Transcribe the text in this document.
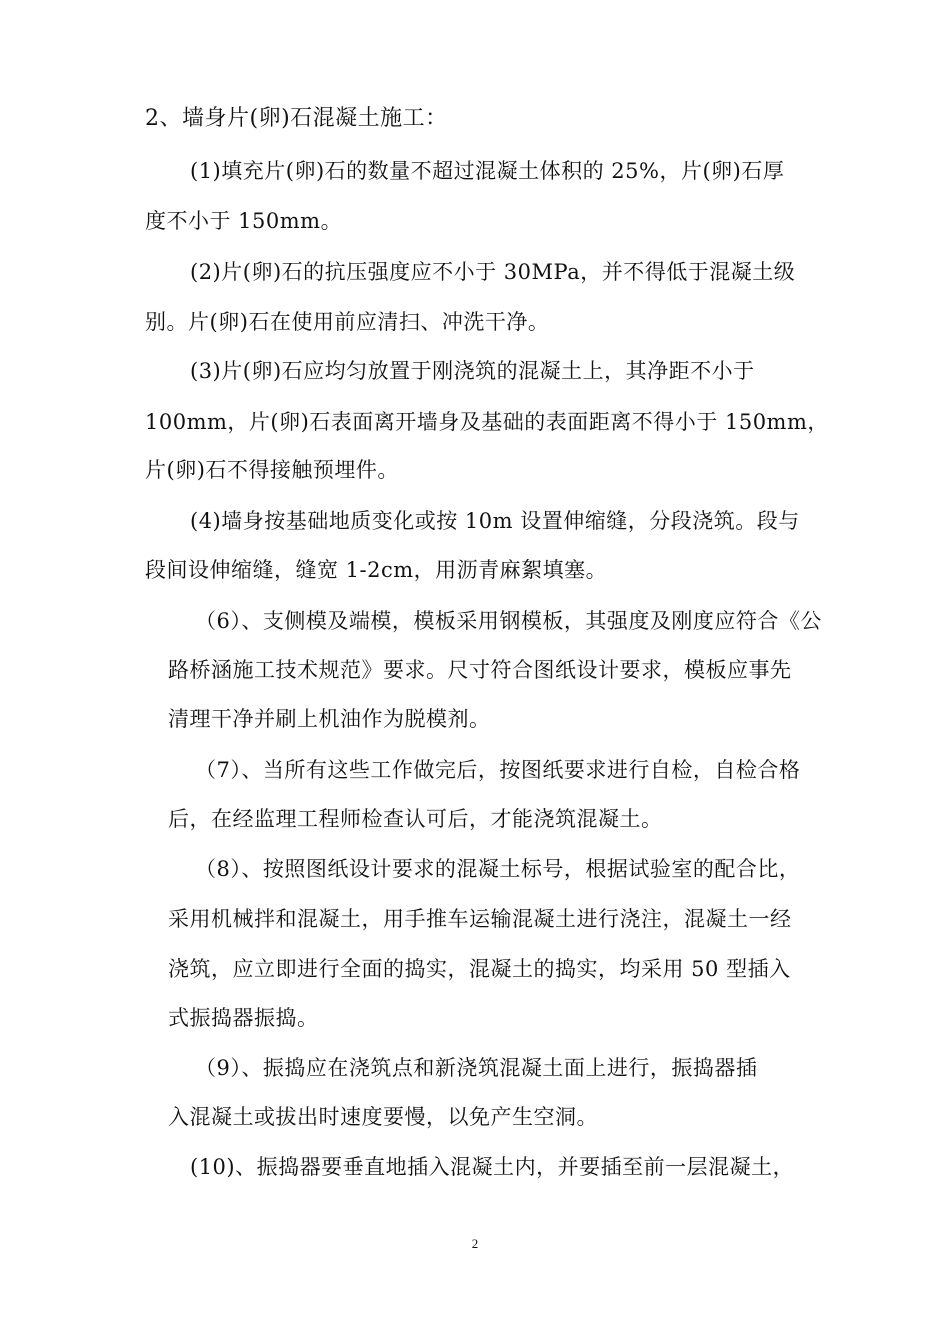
2、墙身片(卵)石混凝土施工：
(1)填充片(卵)石的数量不超过混凝土体积的 25%，片(卵)石厚
度不小于 150mm。
(2)片(卵)石的抗压强度应不小于 30MPa，并不得低于混凝土级
别。片(卵)石在使用前应清扫、冲洗干净。
(3)片(卵)石应均匀放置于刚浇筑的混凝土上，其净距不小于
100mm，片(卵)石表面离开墙身及基础的表面距离不得小于 150mm，
片(卵)石不得接触预埋件。
(4)墙身按基础地质变化或按 10m 设置伸缩缝，分段浇筑。段与
段间设伸缩缝，缝宽 1-2cm，用沥青麻絮填塞。
（6）、支侧模及端模，模板采用钢模板，其强度及刚度应符合《公
路桥涵施工技术规范》要求。尺寸符合图纸设计要求，模板应事先
清理干净并刷上机油作为脱模剂。
（7）、当所有这些工作做完后，按图纸要求进行自检，自检合格
后，在经监理工程师检查认可后，才能浇筑混凝土。
（8）、按照图纸设计要求的混凝土标号，根据试验室的配合比，
采用机械拌和混凝土，用手推车运输混凝土进行浇注，混凝土一经
浇筑，应立即进行全面的捣实，混凝土的捣实，均采用 50 型插入
式振捣器振捣。
（9）、振捣应在浇筑点和新浇筑混凝土面上进行，振捣器插
入混凝土或拔出时速度要慢，以免产生空洞。
(10)、振捣器要垂直地插入混凝土内，并要插至前一层混凝土，
2
